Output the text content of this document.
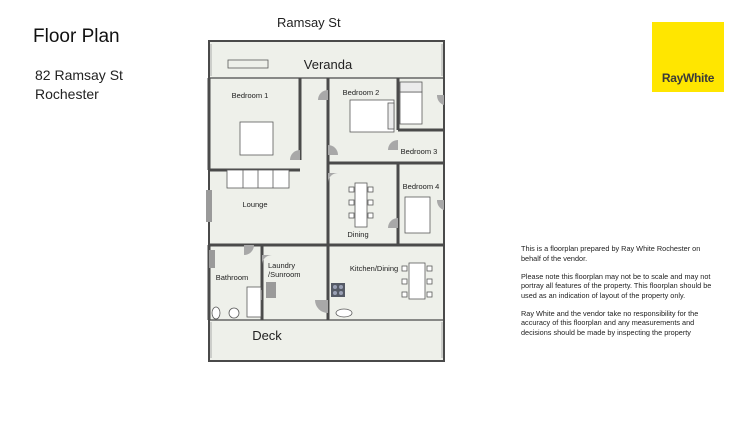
Floor Plan
82 Ramsay St
Rochester
Ramsay St
RayWhite
Veranda
Bedroom 1	Bedroom 2
Bedroom 3
Bedroom 4
Lounge
Dining
Bathroom
Laundry
/Sunroom
Kitchen/Dining
Deck

This is a floorplan prepared by Ray White Rochester on behalf of the vendor.

Please note this floorplan may not be to scale and may not portray all features of the property. This floorplan should be used as an indication of layout of the property only.

Ray White and the vendor take no responsibility for the accuracy of this floorplan and any measurements and decisions should be made by inspecting the property
